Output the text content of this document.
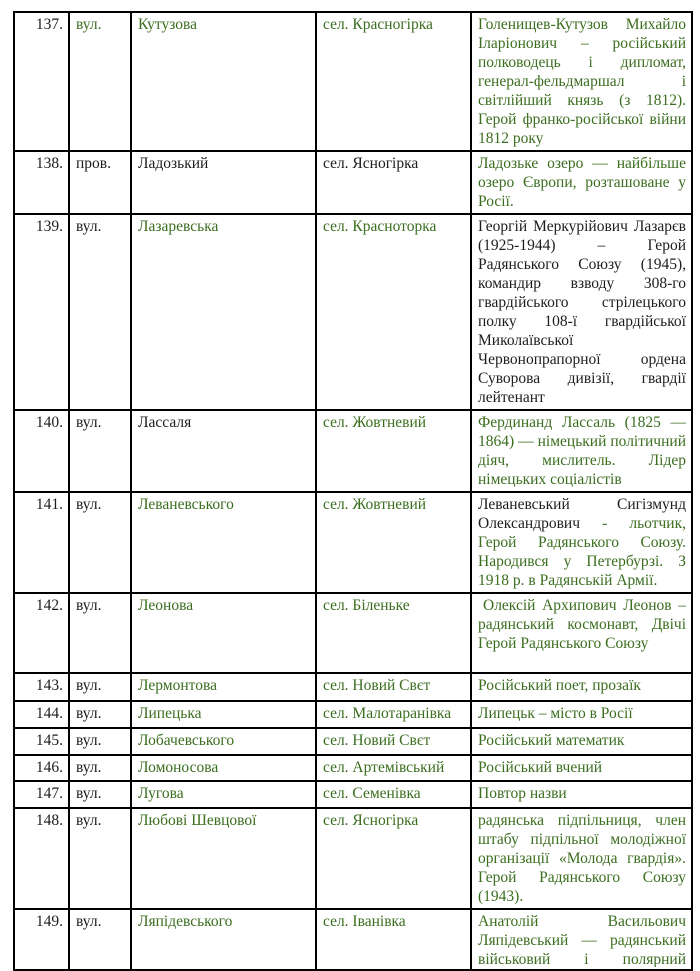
137.	вул.	Кутузова	сел. Красногірка	Голенищев-Кутузов Михайло Іларіонович – російський полководець і дипломат, генерал-фельдмаршал і світлійший князь (з 1812). Герой франко-російської війни 1812 року

138.	пров.	Ладозький	сел. Ясногірка	Ладозьке озеро — найбільше озеро Європи, розташоване у Росії.

139.	вул.	Лазаревська	сел. Красноторка	Георгій Меркурійович Лазарєв (1925-1944) – Герой Радянського Союзу (1945), командир взводу 308-го гвардійського стрілецького полку 108-ї гвардійської Миколаївської Червонопрапорної ордена Суворова дивізії, гвардії лейтенант

140.	вул.	Лассаля	сел. Жовтневий	Фердинанд Лассаль (1825 — 1864) — німецький політичний діяч, мислитель. Лідер німецьких соціалістів

141.	вул.	Леваневського	сел. Жовтневий	Леваневський Сигізмунд Олександрович - льотчик, Герой Радянського Союзу. Народився у Петербурзі. З 1918 р. в Радянській Армії.

142.	вул.	Леонова	сел. Біленьке	Олексій Архипович Леонов – радянський космонавт, Двічі Герой Радянського Союзу

143.	вул.	Лермонтова	сел. Новий Свєт	Російський поет, прозаїк

144.	вул.	Липецька	сел. Малотаранівка	Липецьк – місто в Росії

145.	вул.	Лобачевського	сел. Новий Свєт	Російський математик

146.	вул.	Ломоносова	сел. Артемівський	Російський вчений

147.	вул.	Лугова	сел. Семенівка	Повтор назви

148.	вул.	Любові Шевцової	сел. Ясногірка	радянська підпільниця, член штабу підпільної молодіжної організації «Молода гвардія». Герой Радянського Союзу (1943).

149.	вул.	Ляпідевського	сел. Іванівка	Анатолій Васильович Ляпідевський — радянський військовий і полярний
